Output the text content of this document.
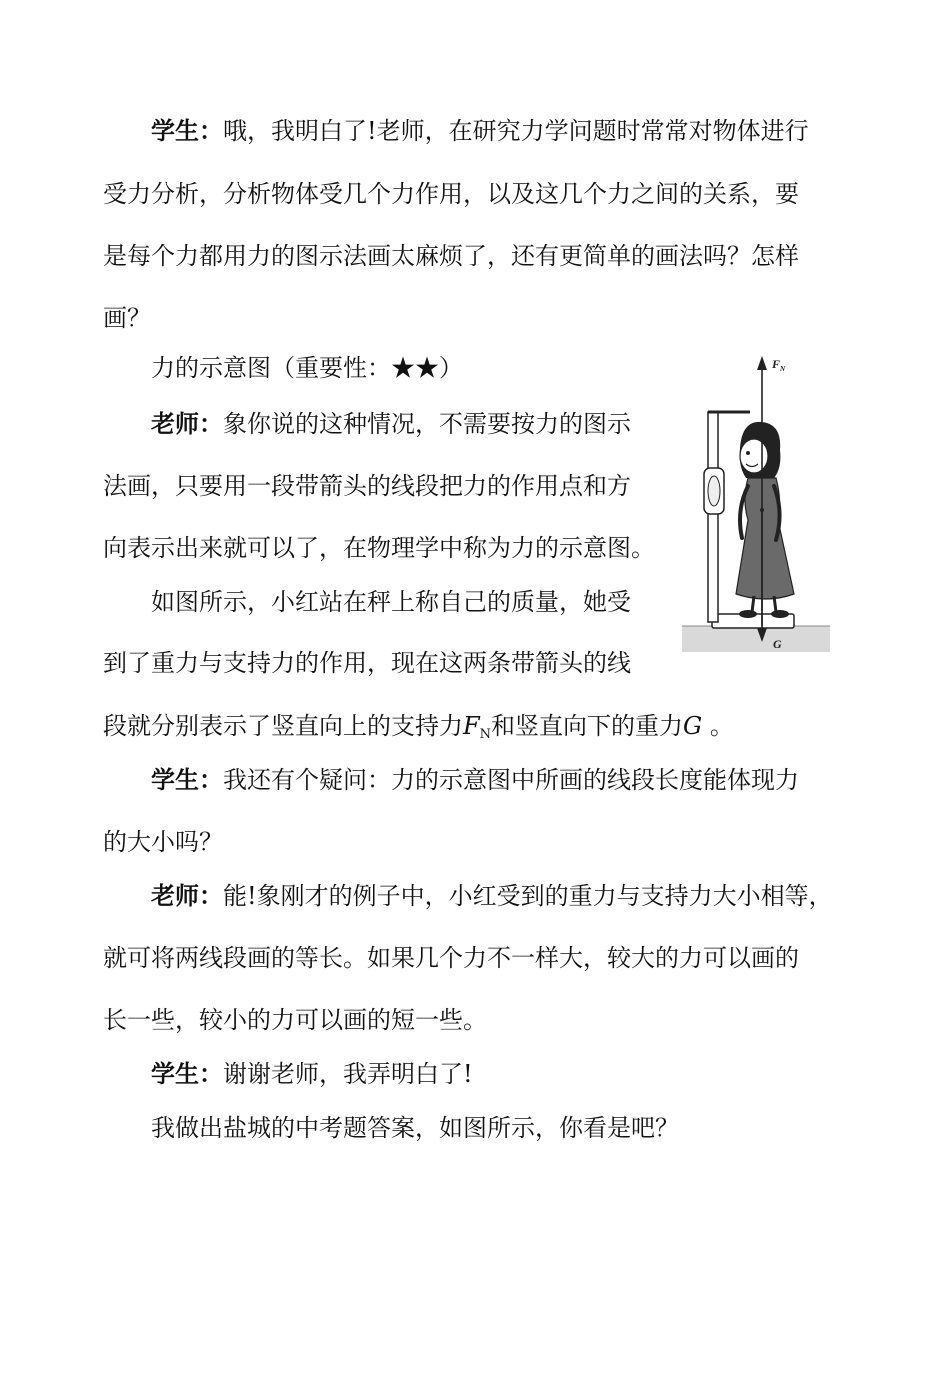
学生：哦，我明白了!老师，在研究力学问题时常常对物体进行

受力分析，分析物体受几个力作用，以及这几个力之间的关系，要

是每个力都用力的图示法画太麻烦了，还有更简单的画法吗？怎样

画？

力的示意图（重要性：★★）

老师：象你说的这种情况，不需要按力的图示

法画，只要用一段带箭头的线段把力的作用点和方

向表示出来就可以了，在物理学中称为力的示意图。

如图所示，小红站在秤上称自己的质量，她受

到了重力与支持力的作用，现在这两条带箭头的线

段就分别表示了竖直向上的支持力$F_N$和竖直向下的重力G 。

学生：我还有个疑问：力的示意图中所画的线段长度能体现力

的大小吗？

老师：能!象刚才的例子中，小红受到的重力与支持力大小相等，

就可将两线段画的等长。如果几个力不一样大，较大的力可以画的

长一些，较小的力可以画的短一些。

学生：谢谢老师，我弄明白了!

我做出盐城的中考题答案，如图所示，你看是吧？

$F_N$
G
